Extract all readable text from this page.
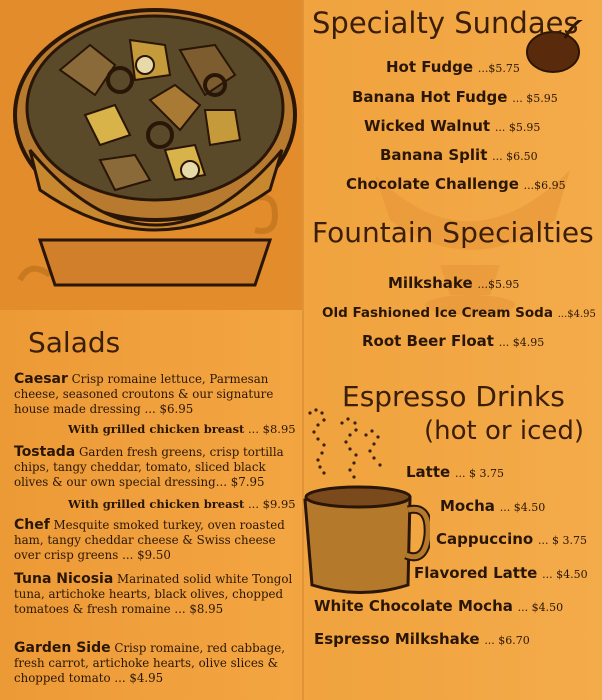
Specialty Sundaes
Hot Fudge ...$5.75
Banana Hot Fudge ... $5.95
Wicked Walnut ... $5.95
Banana Split ... $6.50
Chocolate Challenge ...$6.95
Fountain Specialties
Milkshake ...$5.95
Old Fashioned Ice Cream Soda ...$4.95
Root Beer Float ... $4.95
Espresso Drinks
(hot or iced)
Latte ... $ 3.75
Mocha ... $4.50
Cappuccino ... $ 3.75
Flavored Latte ... $4.50
White Chocolate Mocha ... $4.50
Espresso Milkshake ... $6.70
Salads
Caesar Crisp romaine lettuce, Parmesan cheese, seasoned croutons & our signature house made dressing ... $6.95
With grilled chicken breast ... $8.95
Tostada Garden fresh greens, crisp tortilla chips, tangy cheddar, tomato, sliced black olives & our own special dressing... $7.95
With grilled chicken breast ... $9.95
Chef Mesquite smoked turkey, oven roasted ham, tangy cheddar cheese & Swiss cheese over crisp greens ... $9.50
Tuna Nicosia Marinated solid white Tongol tuna, artichoke hearts, black olives, chopped tomatoes & fresh romaine ... $8.95
Garden Side Crisp romaine, red cabbage, fresh carrot, artichoke hearts, olive slices & chopped tomato ... $4.95
